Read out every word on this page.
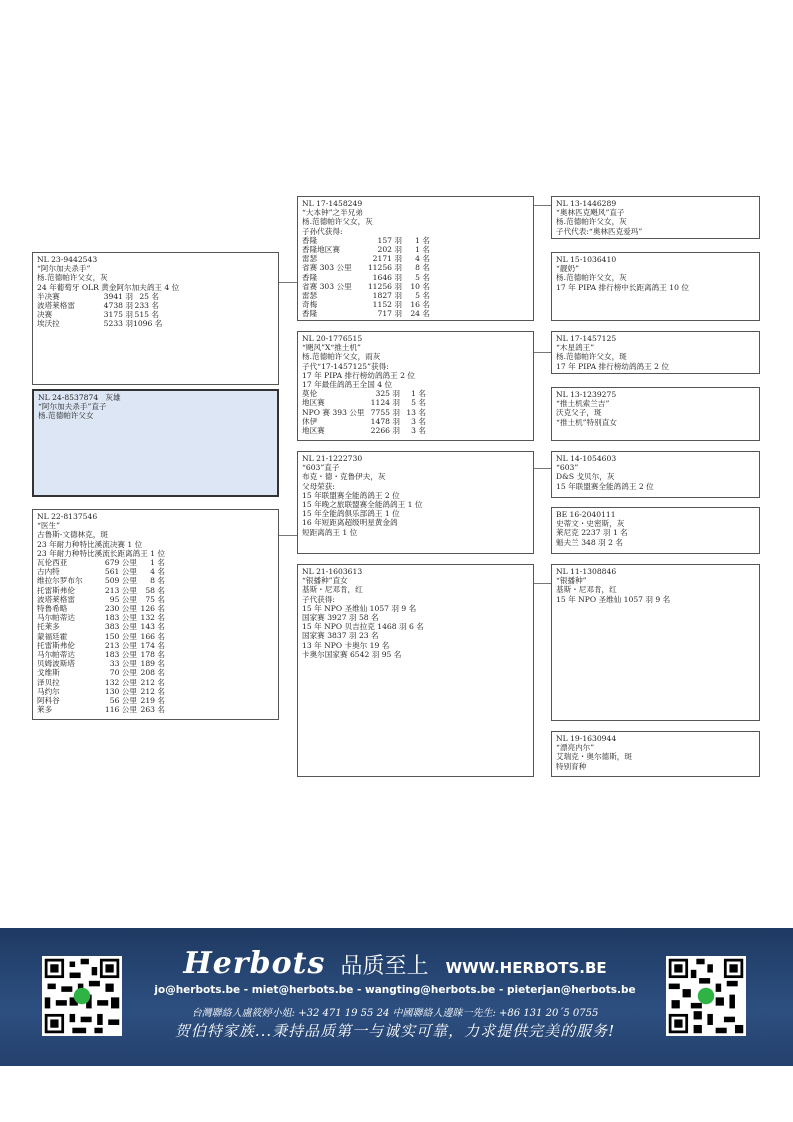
NL 24-8537874   灰雄
“阿尔加夫杀手”直子
杨.范德帕许父女
NL 23-9442543
“阿尔加夫杀手”
杨.范德帕许父女，灰
24 年葡萄牙 OLR 黄金阿尔加夫鸽王 4 位
半决赛	3941 羽 25 名
波塔莱格雷	4738 羽233 名
决赛	3175 羽515 名
埃沃拉	5233 羽1096 名
NL 22-8137546
“医生”
古鲁斯-文德林克，斑
23 年耐力种特比溪流决赛 1 位
23 年耐力种特比溪流长距离鸽王 1 位
瓦伦西亚	679 公里 1 名
古内特	561 公里 4 名
维拉尔罗布尔	509 公里 8 名
托雷斯弗伦	213 公里 58 名
波塔莱格雷	95 公里 75 名
特鲁希略	230 公里 126 名
马尔帕蒂达	183 公里 132 名
托莱多	383 公里 143 名
蒙福廷霍	150 公里 166 名
托雷斯弗伦	213 公里 174 名
马尔帕蒂达	183 公里 178 名
贝姆波斯塔	33 公里 189 名
戈维斯	70 公里 208 名
泽贝拉	132 公里 212 名
马约尔	130 公里 212 名
阿科谷	56 公里 219 名
莱多	116 公里 263 名
NL 17-1458249
“大本钟”之半兄弟
杨.范德帕许父女，灰
子孙代获得:
香隆	157 羽 1 名
香隆地区赛	202 羽 1 名
雷瑟	2171 羽 4 名
省赛 303 公里 11256 羽 8 名
香隆	1646 羽 5 名
省赛 303 公里 11256 羽 10 名
雷瑟	1827 羽 5 名
奇梅	1152 羽 16 名
香隆	717 羽 24 名
NL 20-1776515
“飓风”X“推土机”
杨.范德帕许父女，雨灰
子代“17-1457125”获得:
17 年 PIPA 排行榜幼鸽鸽王 2 位
17 年最佳鸽鸽王全国 4 位
莫伦	325 羽 1 名
地区赛	1124 羽 5 名
NPO 赛 393 公里 7755 羽 13 名
休伊	1478 羽 3 名
地区赛	2266 羽 3 名
NL 21-1222730
“603”直子
布克・德・克鲁伊夫，灰
父母荣获:
15 年联盟赛全能鸽鸽王 2 位
15 年晚之旅联盟赛全能鸽鸽王 1 位
15 年全能鸽俱乐部鸽王 1 位
16 年短距离超级明星黄金鸽
短距离鸽王 1 位
NL 21-1603613
“银播种”直女
基斯・尼邓肯，红
子代获得:
15 年 NPO 圣维仙 1057 羽 9 名
国家赛 3927 羽 58 名
15 年 NPO 贝吉拉克 1468 羽 6 名
国家赛 3837 羽 23 名
13 年 NPO 卡奥尔 19 名
卡奥尔国家赛 6542 羽 95 名
NL 13-1446289
“奥林匹克飓风”直子
杨.范德帕许父女，灰
子代代表:“奥林匹克爱玛”
NL 15-1036410
“靓奶”
杨.范德帕许父女，灰
17 年 PIPA 排行榜中长距离鸽王 10 位
NL 17-1457125
“木星鸽王”
杨.范德帕许父女，斑
17 年 PIPA 排行榜幼鸽鸽王 2 位
NL 13-1239275
“推土机索兰吉”
沃克父子，斑
“推土机”特别直女
NL 14-1054603
“603”
D&S 戈贝尔，灰
15 年联盟赛全能鸽鸽王 2 位
BE 16-2040111
史蒂文・史密斯，灰
莱尼克 2237 羽 1 名
魁夫兰 348 羽 2 名
NL 11-1308846
“银播种”
基斯・尼邓肯，红
15 年 NPO 圣维仙 1057 羽 9 名
NL 19-1630944
“漂亮内尔”
艾瑞克・奥尔德斯，斑
特别育种
Herbots 品质至上 WWW.HERBOTS.BE
jo@herbots.be - miet@herbots.be - wangting@herbots.be - pieterjan@herbots.be
台灣聯絡人盧筱婷小姐: +32 471 19 55 24 中國聯絡人邊睐一先生: +86 131 20´5 0755
贺伯特家族...秉持品质第一与诚实可靠，力求提供完美的服务!
